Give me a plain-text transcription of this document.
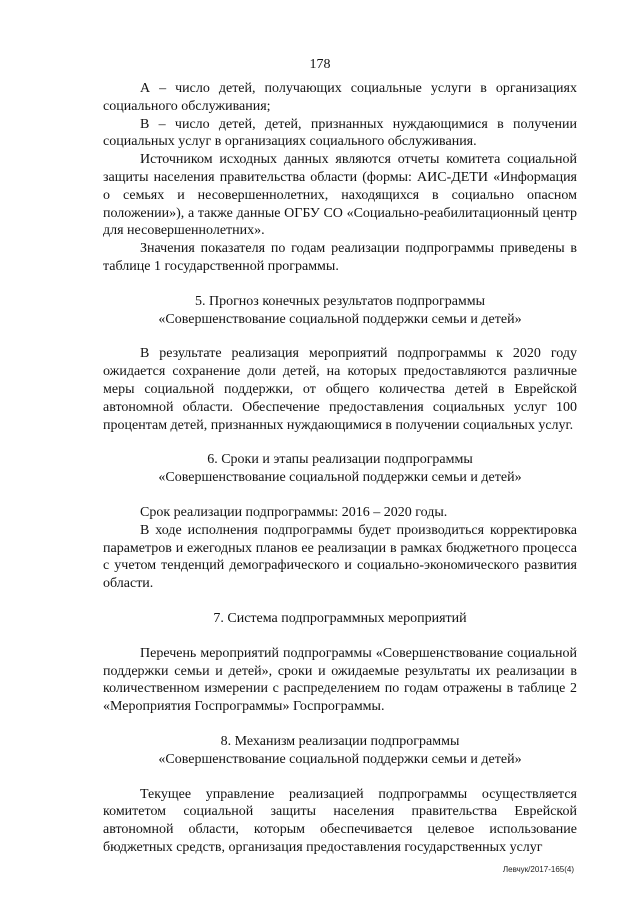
178

А – число детей, получающих социальные услуги в организациях социального обслуживания;

В – число детей, детей, признанных нуждающимися в получении социальных услуг в организациях социального обслуживания.

Источником исходных данных являются отчеты комитета социальной защиты населения правительства области (формы: АИС-ДЕТИ «Информация о семьях и несовершеннолетних, находящихся в социально опасном положении»), а также данные ОГБУ СО «Социально-реабилитационный центр для несовершеннолетних».

Значения показателя по годам реализации подпрограммы приведены в таблице 1 государственной программы.

5. Прогноз конечных результатов подпрограммы

«Совершенствование социальной поддержки семьи и детей»

В результате реализация мероприятий подпрограммы к 2020 году ожидается сохранение доли детей, на которых предоставляются различные меры социальной поддержки, от общего количества детей в Еврейской автономной области. Обеспечение предоставления социальных услуг 100 процентам детей, признанных нуждающимися в получении социальных услуг.

6. Сроки и этапы реализации подпрограммы

«Совершенствование социальной поддержки семьи и детей»

Срок реализации подпрограммы: 2016 – 2020 годы.

В ходе исполнения подпрограммы будет производиться корректировка параметров и ежегодных планов ее реализации в рамках бюджетного процесса с учетом тенденций демографического и социально-экономического развития области.

7. Система подпрограммных мероприятий

Перечень мероприятий подпрограммы «Совершенствование социальной поддержки семьи и детей», сроки и ожидаемые результаты их реализации в количественном измерении с распределением по годам отражены в таблице 2 «Мероприятия Госпрограммы» Госпрограммы.

8. Механизм реализации подпрограммы

«Совершенствование социальной поддержки семьи и детей»

Текущее управление реализацией подпрограммы осуществляется комитетом социальной защиты населения правительства Еврейской автономной области, которым обеспечивается целевое использование бюджетных средств, организация предоставления государственных услуг

Левчук/2017-165(4)
